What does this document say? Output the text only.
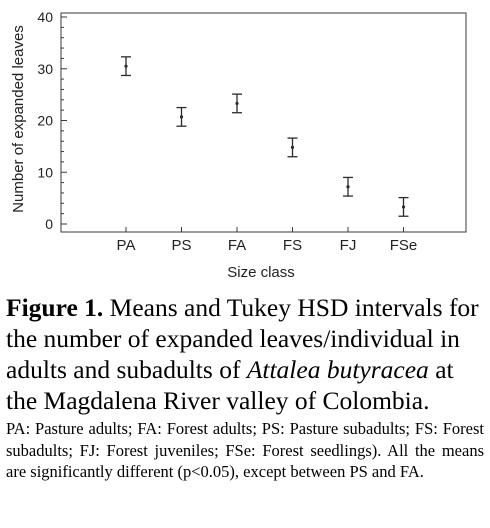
0
10
20
30
40
PA PS FA FS	FJ FSe
Number of expanded leaves
Size class

Figure 1. Means and Tukey HSD intervals for the number of expanded leaves/individual in adults and subadults of Attalea butyracea at the Magdalena River valley of Colombia.

PA: Pasture adults; FA: Forest adults; PS: Pasture subadults; FS: Forest subadults; FJ: Forest juveniles; FSe: Forest seedlings). All the means are significantly different (p<0.05), except between PS and FA.
